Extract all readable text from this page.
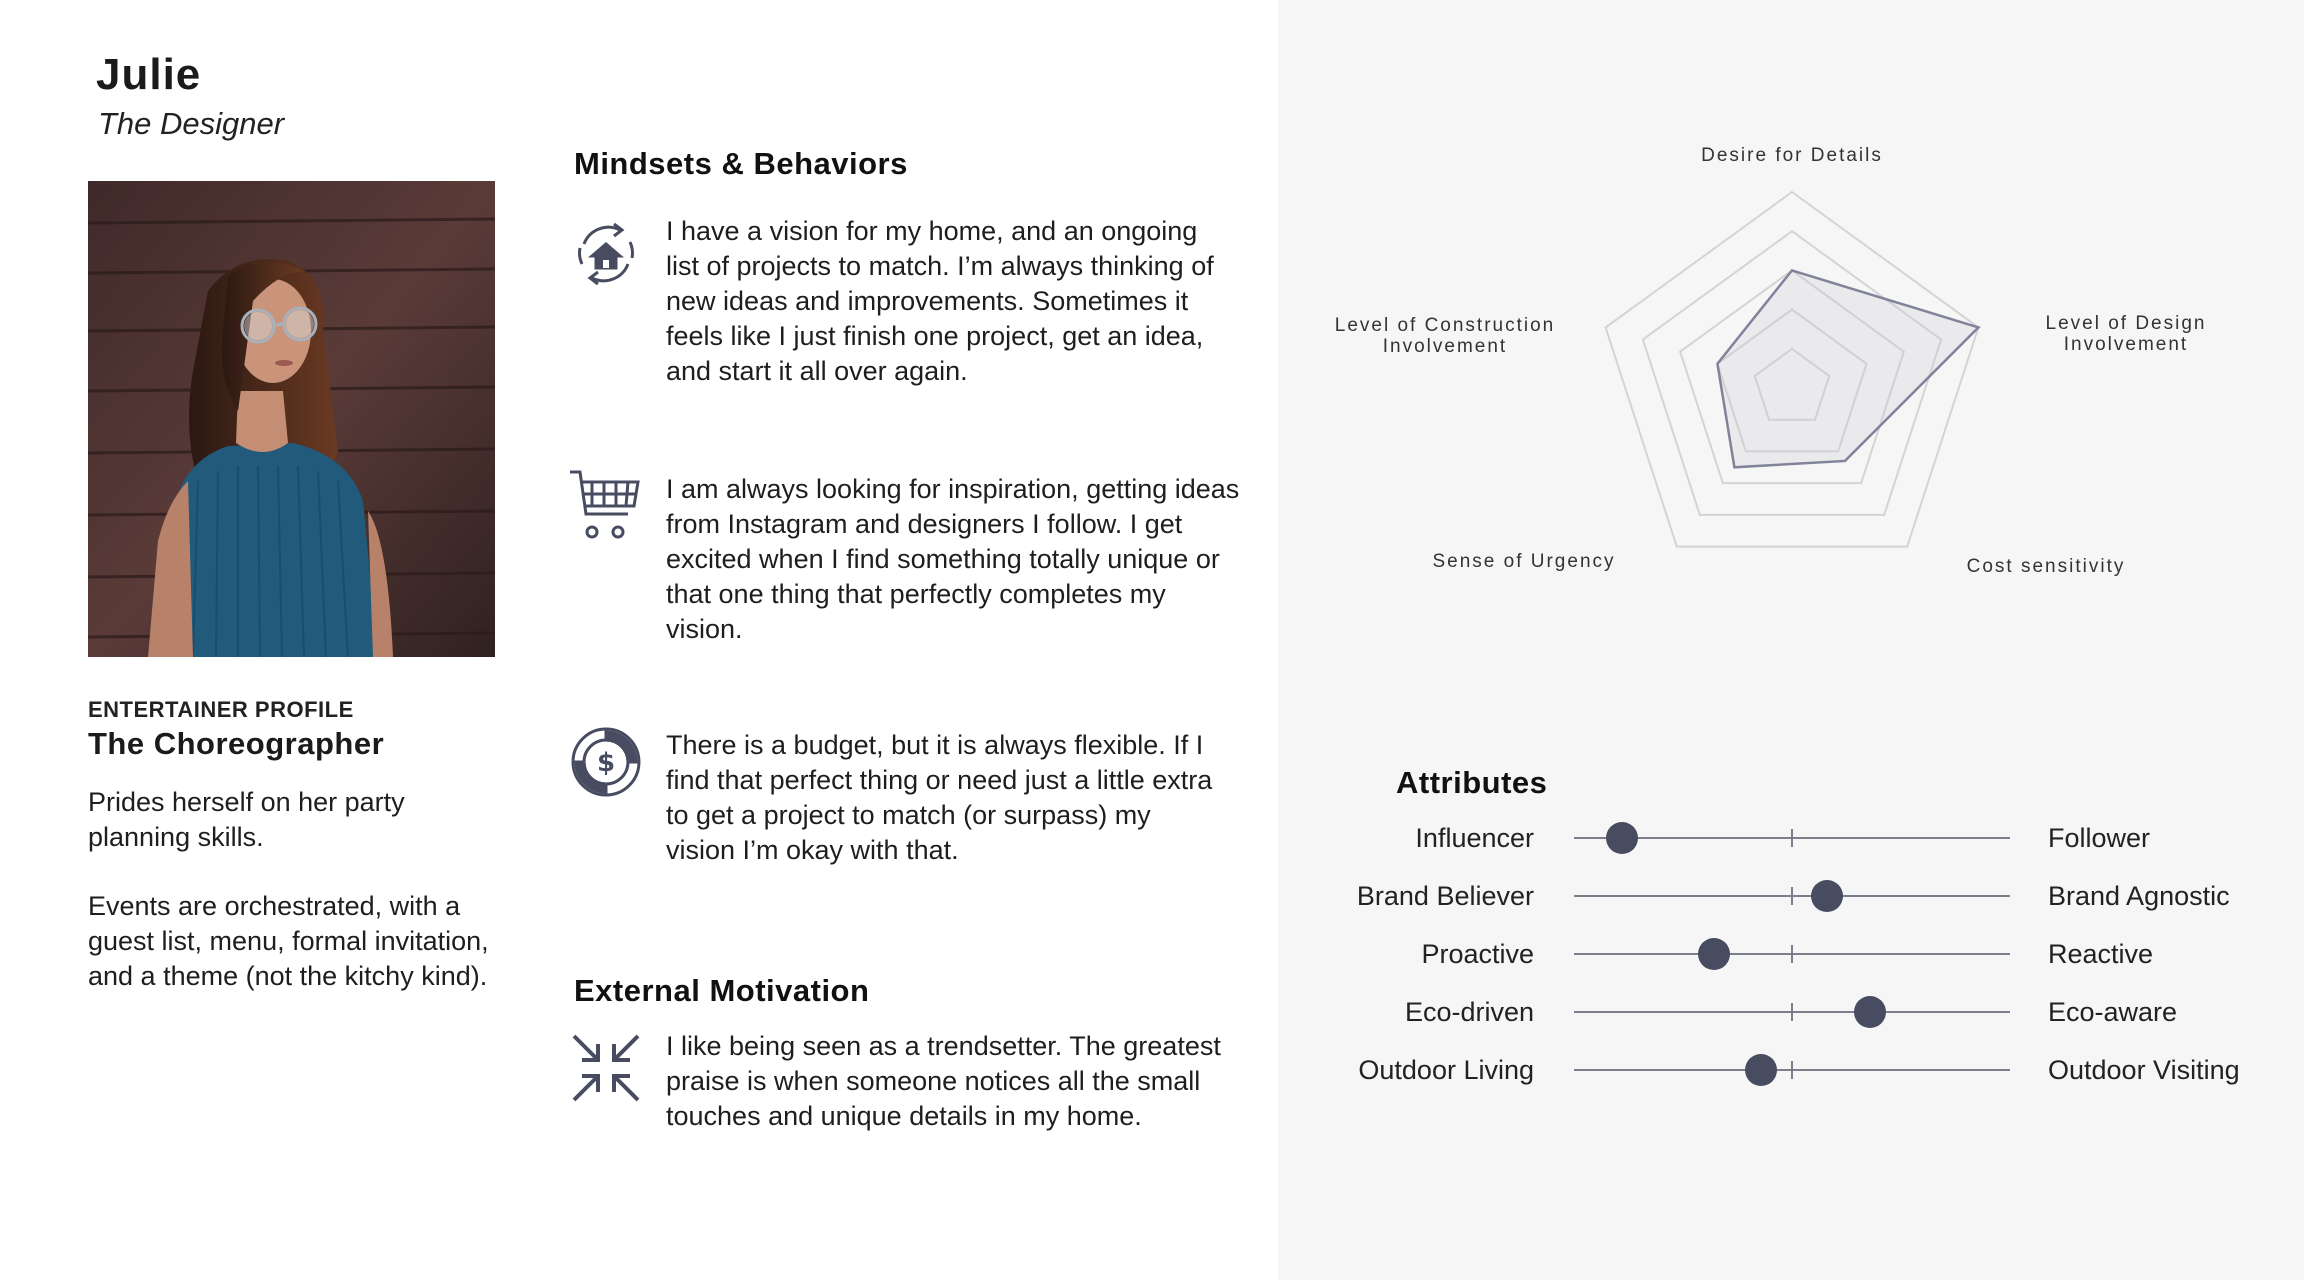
Julie
The Designer
ENTERTAINER PROFILE
The Choreographer
Prides herself on her party planning skills.
Events are orchestrated, with a guest list, menu, formal invitation, and a theme (not the kitchy kind).
Mindsets & Behaviors
I have a vision for my home, and an ongoing list of projects to match. I’m always thinking of new ideas and improvements. Sometimes it feels like I just finish one project, get an idea, and start it all over again.
I am always looking for inspiration, getting ideas from Instagram and designers I follow. I get excited when I find something totally unique or that one thing that perfectly completes my vision.
$
There is a budget, but it is always flexible. If I find that perfect thing or need just a little extra to get a project to match (or surpass) my vision I’m okay with that.
External Motivation
I like being seen as a trendsetter. The greatest praise is when someone notices all the small touches and unique details in my home.
Desire for Details
Level of Design
Involvement
Cost sensitivity
Sense of Urgency
Level of Construction
Involvement
Attributes
Influencer	Follower
Brand Believer	Brand Agnostic
Proactive	Reactive
Eco-driven	Eco-aware
Outdoor Living	Outdoor Visiting
